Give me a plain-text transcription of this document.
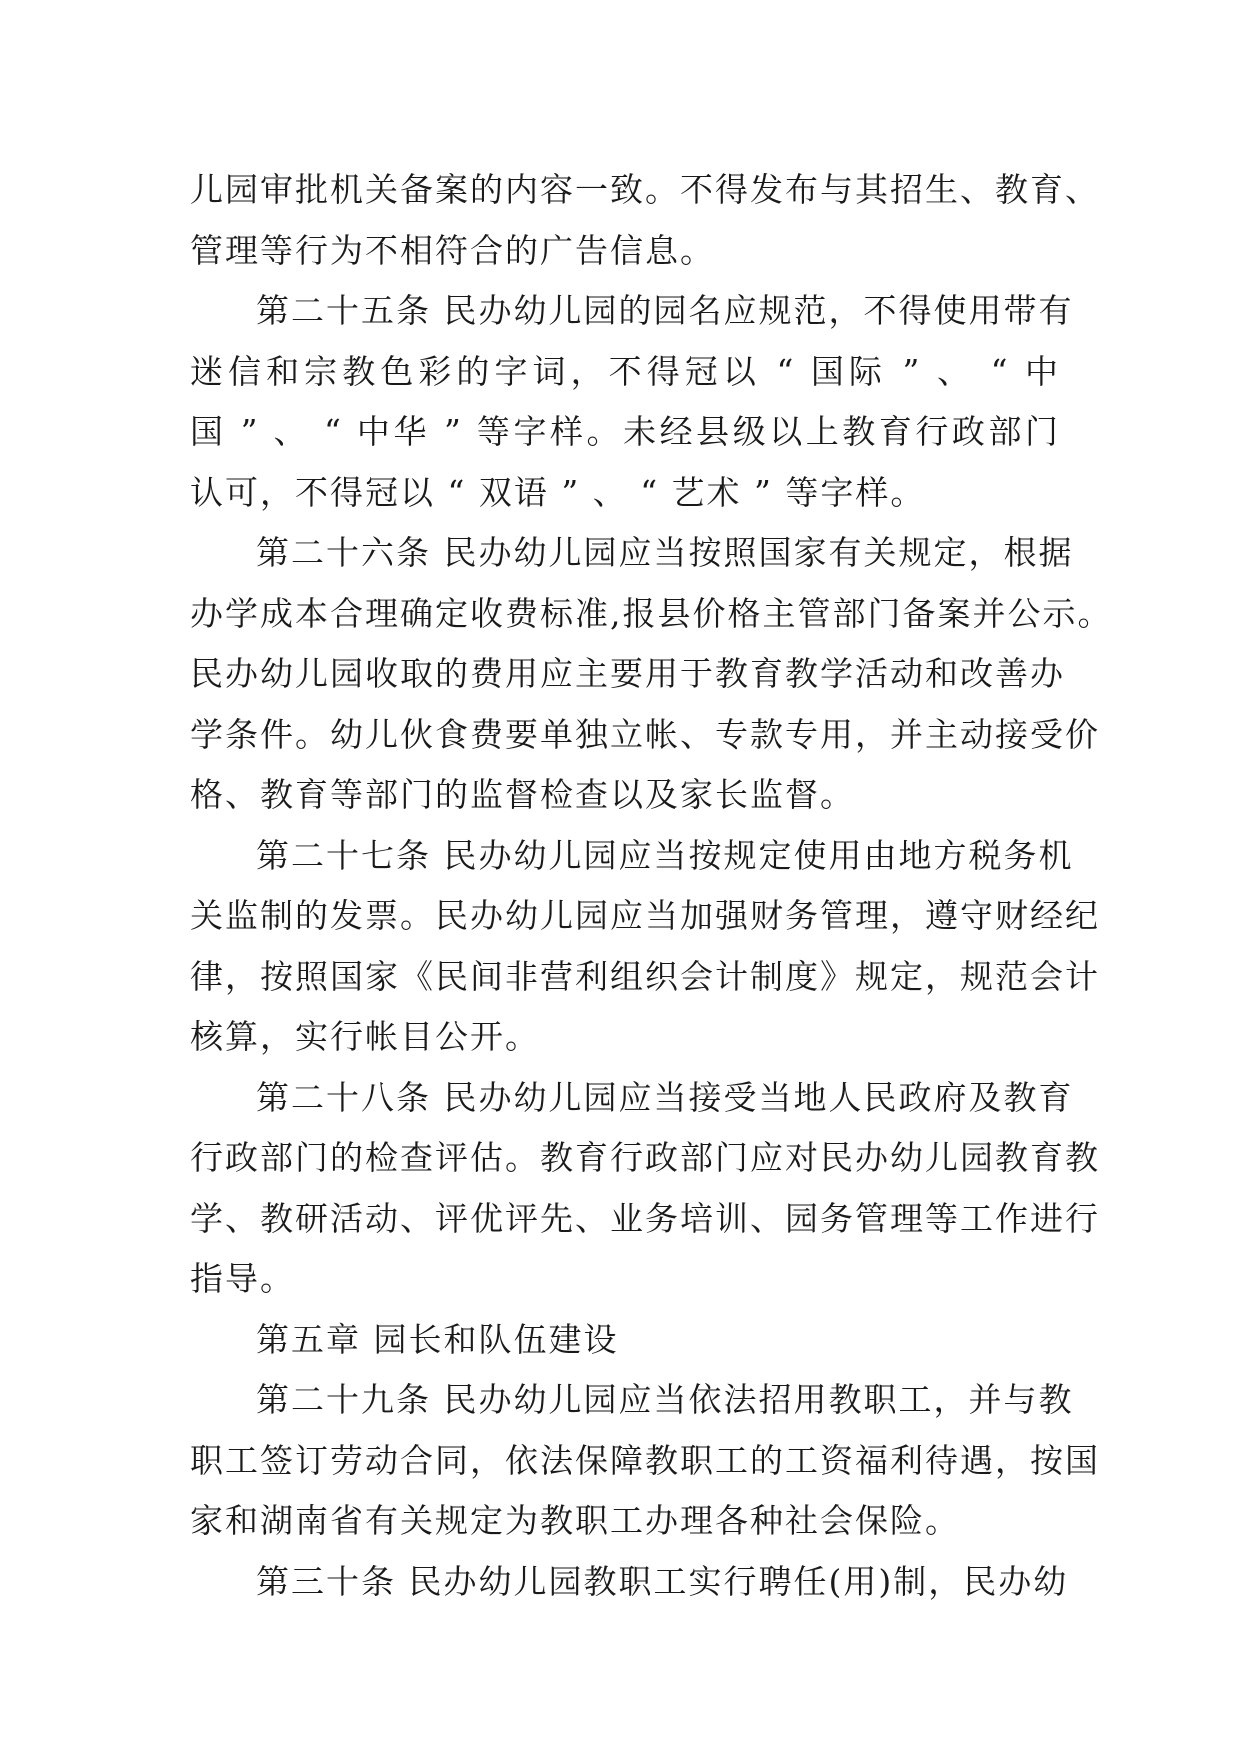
儿园审批机关备案的内容一致。不得发布与其招生、教育、
管理等行为不相符合的广告信息。
第二十五条 民办幼儿园的园名应规范，不得使用带有
迷信和宗教色彩的字词，不得冠以 “ 国际 ” 、 “ 中
国 ” 、 “ 中华 ” 等字样。未经县级以上教育行政部门
认可，不得冠以 “ 双语 ” 、 “ 艺术 ” 等字样。
第二十六条 民办幼儿园应当按照国家有关规定，根据
办学成本合理确定收费标准,报县价格主管部门备案并公示。
民办幼儿园收取的费用应主要用于教育教学活动和改善办
学条件。幼儿伙食费要单独立帐、专款专用，并主动接受价
格、教育等部门的监督检查以及家长监督。
第二十七条 民办幼儿园应当按规定使用由地方税务机
关监制的发票。民办幼儿园应当加强财务管理，遵守财经纪
律，按照国家《民间非营利组织会计制度》规定，规范会计
核算，实行帐目公开。
第二十八条 民办幼儿园应当接受当地人民政府及教育
行政部门的检查评估。教育行政部门应对民办幼儿园教育教
学、教研活动、评优评先、业务培训、园务管理等工作进行
指导。
第五章 园长和队伍建设
第二十九条 民办幼儿园应当依法招用教职工，并与教
职工签订劳动合同，依法保障教职工的工资福利待遇，按国
家和湖南省有关规定为教职工办理各种社会保险。
第三十条 民办幼儿园教职工实行聘任(用)制，民办幼
